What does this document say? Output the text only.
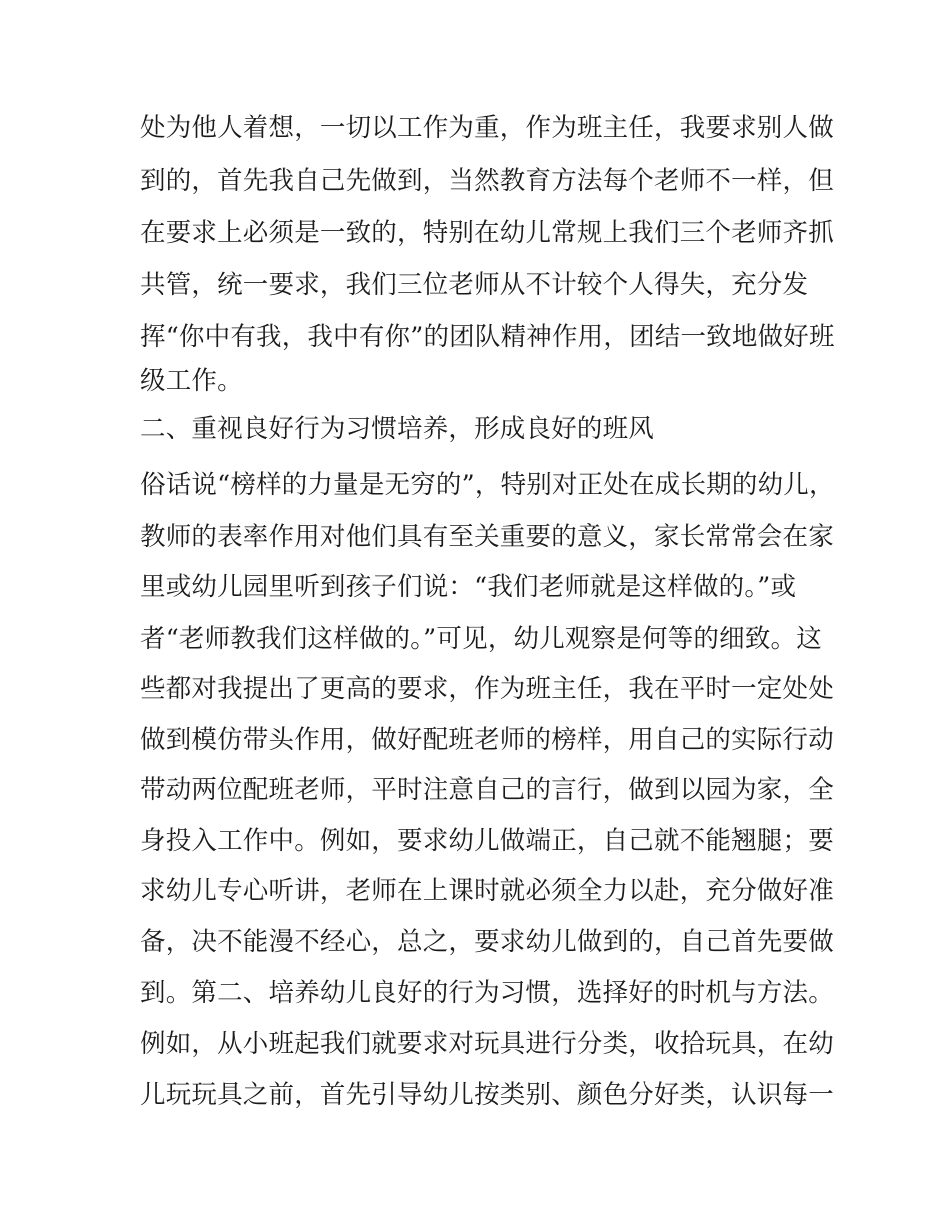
处为他人着想，一切以工作为重，作为班主任，我要求别人做
到的，首先我自己先做到，当然教育方法每个老师不一样，但
在要求上必须是一致的，特别在幼儿常规上我们三个老师齐抓
共管，统一要求，我们三位老师从不计较个人得失，充分发
挥“你中有我，我中有你”的团队精神作用，团结一致地做好班
级工作。
二、重视良好行为习惯培养，形成良好的班风
俗话说“榜样的力量是无穷的”，特别对正处在成长期的幼儿，
教师的表率作用对他们具有至关重要的意义，家长常常会在家
里或幼儿园里听到孩子们说：“我们老师就是这样做的。”或
者“老师教我们这样做的。”可见，幼儿观察是何等的细致。这
些都对我提出了更高的要求，作为班主任，我在平时一定处处
做到模仿带头作用，做好配班老师的榜样，用自己的实际行动
带动两位配班老师，平时注意自己的言行，做到以园为家，全
身投入工作中。例如，要求幼儿做端正，自己就不能翘腿；要
求幼儿专心听讲，老师在上课时就必须全力以赴，充分做好准
备，决不能漫不经心，总之，要求幼儿做到的，自己首先要做
到。第二、培养幼儿良好的行为习惯，选择好的时机与方法。
例如，从小班起我们就要求对玩具进行分类，收拾玩具，在幼
儿玩玩具之前，首先引导幼儿按类别、颜色分好类，认识每一
